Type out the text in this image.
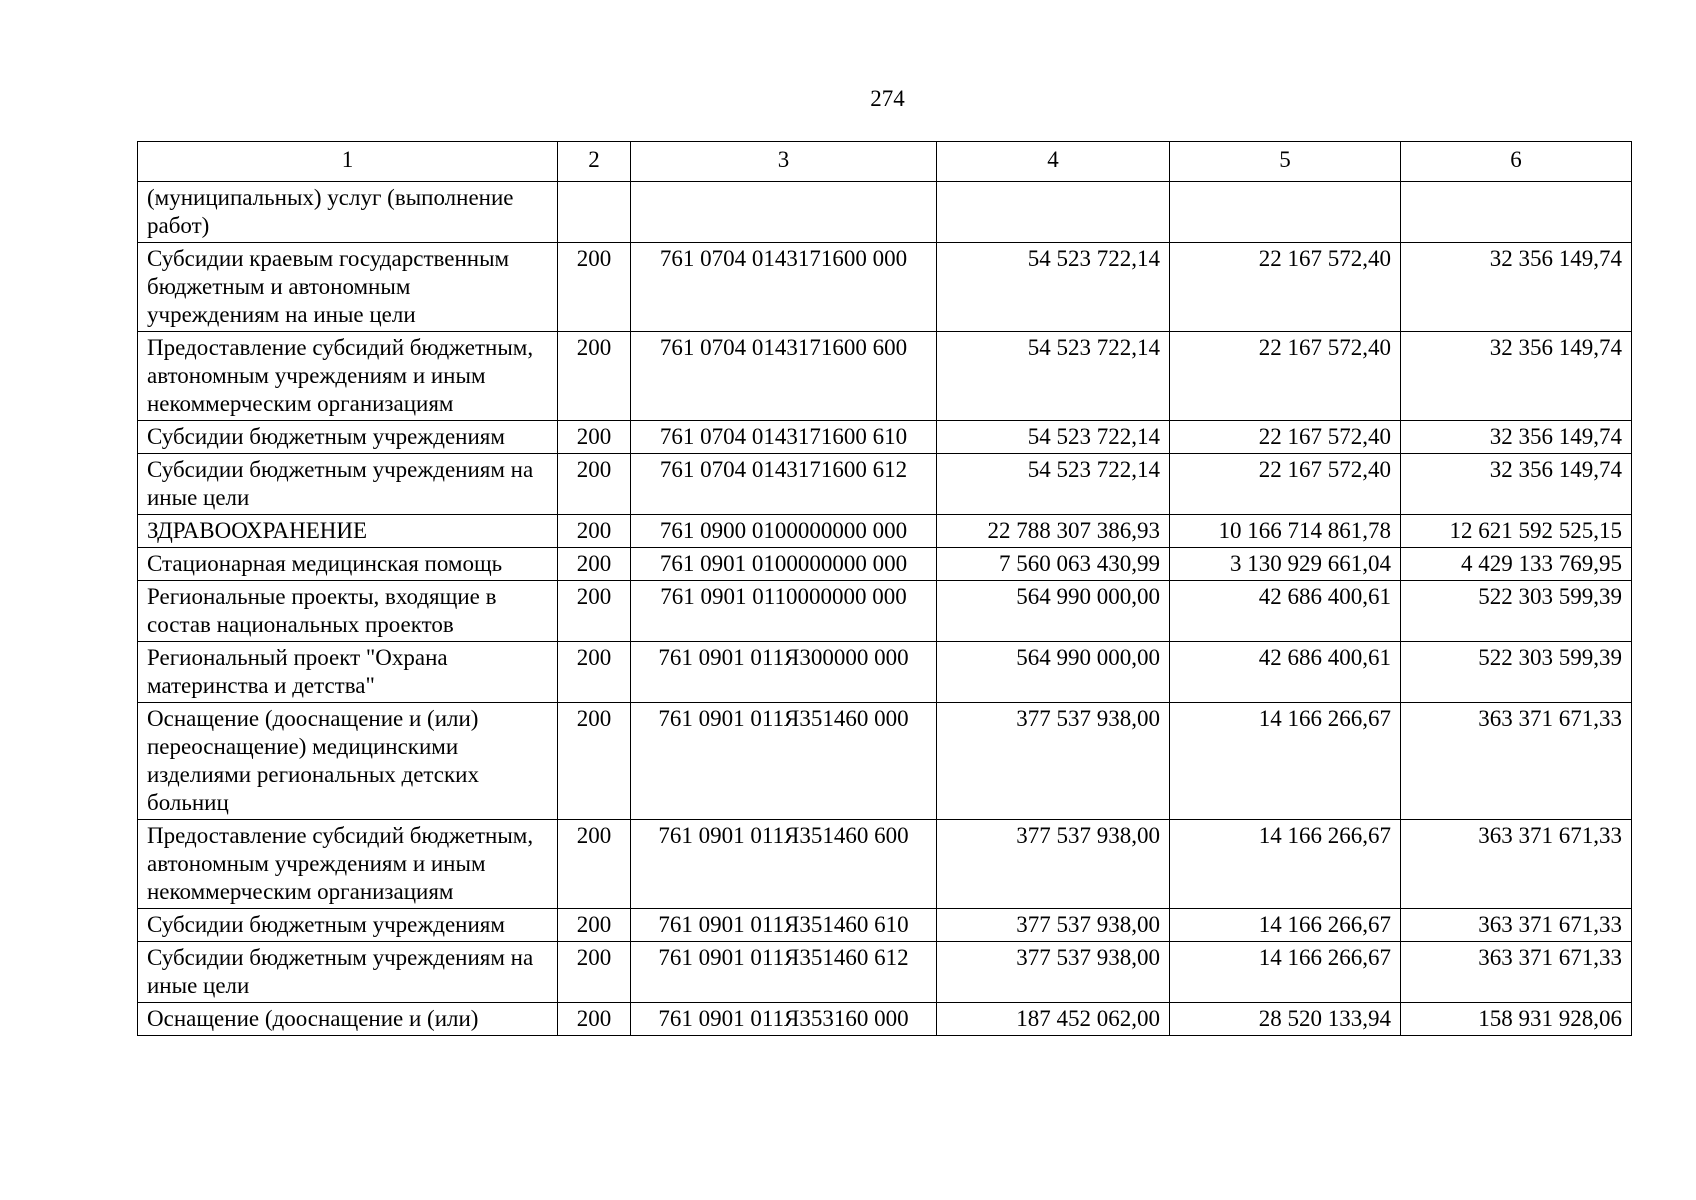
274
1	2	3	4	5	6
(муниципальных) услуг (выполнение работ)					
Субсидии краевым государственным бюджетным и автономным учреждениям на иные цели	200	761 0704 0143171600 000	54 523 722,14	22 167 572,40	32 356 149,74
Предоставление субсидий бюджетным, автономным учреждениям и иным некоммерческим организациям	200	761 0704 0143171600 600	54 523 722,14	22 167 572,40	32 356 149,74
Субсидии бюджетным учреждениям	200	761 0704 0143171600 610	54 523 722,14	22 167 572,40	32 356 149,74
Субсидии бюджетным учреждениям на иные цели	200	761 0704 0143171600 612	54 523 722,14	22 167 572,40	32 356 149,74
ЗДРАВООХРАНЕНИЕ	200	761 0900 0100000000 000	22 788 307 386,93	10 166 714 861,78	12 621 592 525,15
Стационарная медицинская помощь	200	761 0901 0100000000 000	7 560 063 430,99	3 130 929 661,04	4 429 133 769,95
Региональные проекты, входящие в состав национальных проектов	200	761 0901 0110000000 000	564 990 000,00	42 686 400,61	522 303 599,39
Региональный проект "Охрана материнства и детства"	200	761 0901 011Я300000 000	564 990 000,00	42 686 400,61	522 303 599,39
Оснащение (дооснащение и (или) переоснащение) медицинскими изделиями региональных детских больниц	200	761 0901 011Я351460 000	377 537 938,00	14 166 266,67	363 371 671,33
Предоставление субсидий бюджетным, автономным учреждениям и иным некоммерческим организациям	200	761 0901 011Я351460 600	377 537 938,00	14 166 266,67	363 371 671,33
Субсидии бюджетным учреждениям	200	761 0901 011Я351460 610	377 537 938,00	14 166 266,67	363 371 671,33
Субсидии бюджетным учреждениям на иные цели	200	761 0901 011Я351460 612	377 537 938,00	14 166 266,67	363 371 671,33
Оснащение (дооснащение и (или)	200	761 0901 011Я353160 000	187 452 062,00	28 520 133,94	158 931 928,06
